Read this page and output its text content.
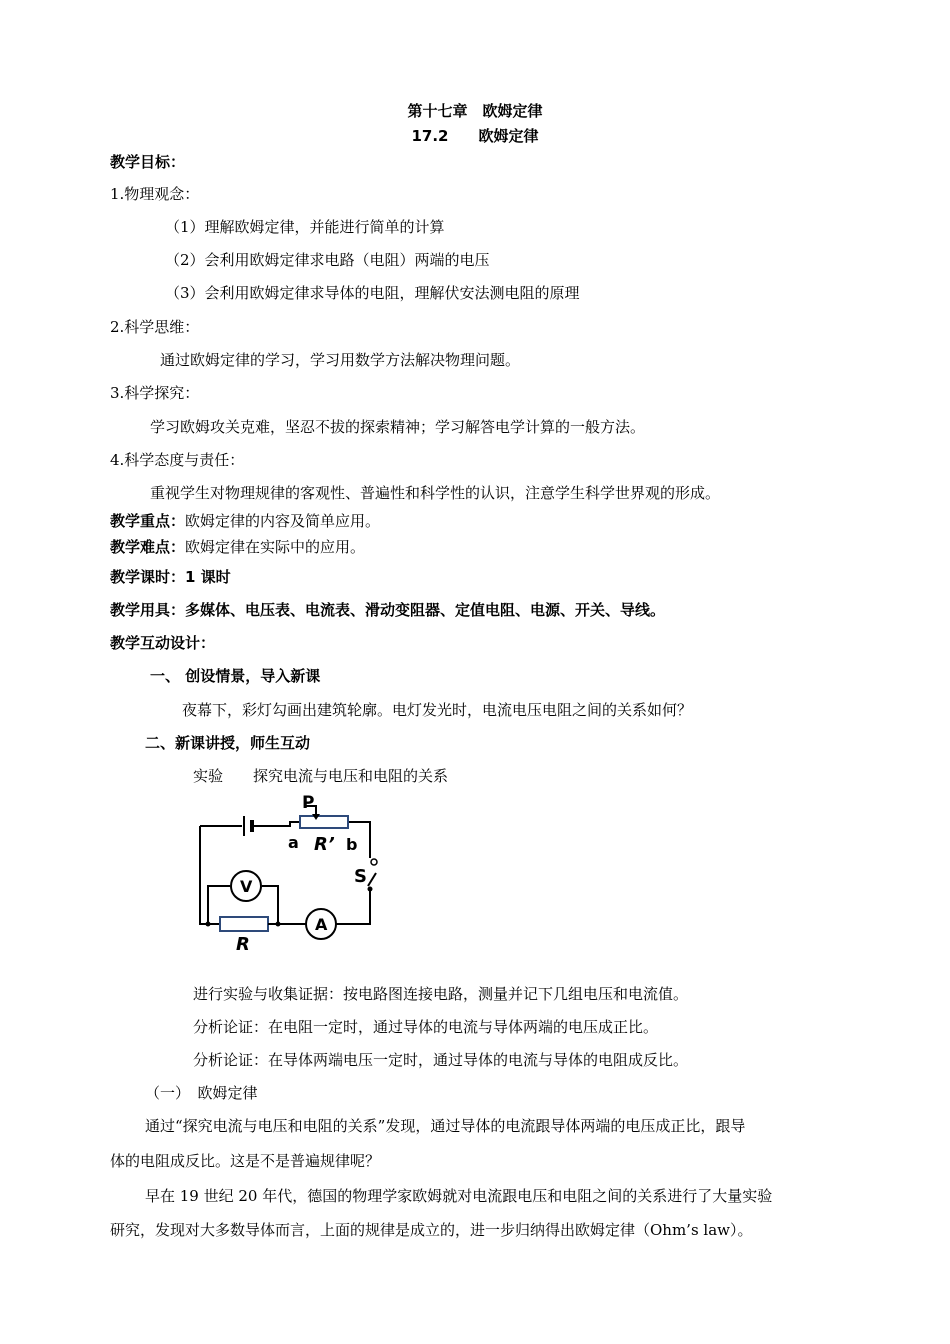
第十七章　欧姆定律
17.2　　欧姆定律
教学目标：
1.物理观念：
（1）理解欧姆定律，并能进行简单的计算
（2）会利用欧姆定律求电路（电阻）两端的电压
（3）会利用欧姆定律求导体的电阻，理解伏安法测电阻的原理
2.科学思维：
通过欧姆定律的学习，学习用数学方法解决物理问题。
3.科学探究：
学习欧姆攻关克难，坚忍不拔的探索精神；学习解答电学计算的一般方法。
4.科学态度与责任：
重视学生对物理规律的客观性、普遍性和科学性的认识，注意学生科学世界观的形成。
教学重点：欧姆定律的内容及简单应用。
教学难点：欧姆定律在实际中的应用。
教学课时：1 课时
教学用具：多媒体、电压表、电流表、滑动变阻器、定值电阻、电源、开关、导线。
教学互动设计：
一、 创设情景，导入新课
夜幕下，彩灯勾画出建筑轮廓。电灯发光时，电流电压电阻之间的关系如何？
二、新课讲授，师生互动
实验　　探究电流与电压和电阻的关系
P
a R’ b
S
V
R
A
进行实验与收集证据：按电路图连接电路，测量并记下几组电压和电流值。
分析论证：在电阻一定时，通过导体的电流与导体两端的电压成正比。
分析论证：在导体两端电压一定时，通过导体的电流与导体的电阻成反比。
（一）　欧姆定律
通过“探究电流与电压和电阻的关系”发现，通过导体的电流跟导体两端的电压成正比，跟导
体的电阻成反比。这是不是普遍规律呢？
早在 19 世纪 20 年代，德国的物理学家欧姆就对电流跟电压和电阻之间的关系进行了大量实验
研究，发现对大多数导体而言，上面的规律是成立的，进一步归纳得出欧姆定律（Ohm’s law）。
